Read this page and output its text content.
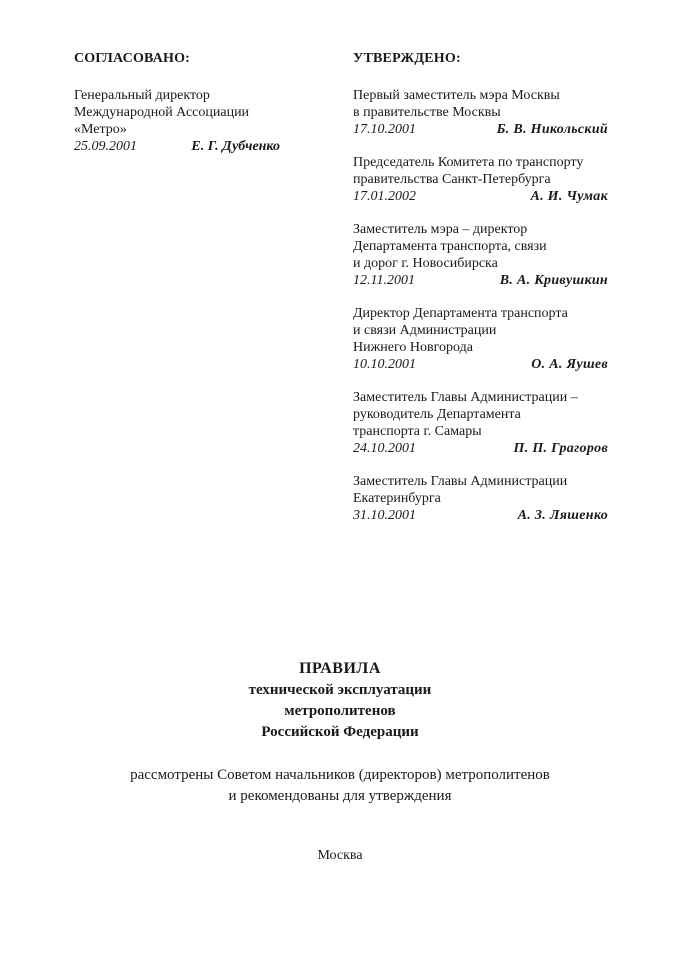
СОГЛАСОВАНО:
Генеральный директор
Международной Ассоциации
«Метро»
25.09.2001	Е. Г. Дубченко
УТВЕРЖДЕНО:
Первый заместитель мэра Москвы
в правительстве Москвы
17.10.2001	Б. В. Никольский
Председатель Комитета по транспорту
правительства Санкт-Петербурга
17.01.2002	А. И. Чумак
Заместитель мэра – директор
Департамента транспорта, связи
и дорог г. Новосибирска
12.11.2001	В. А. Кривушкин
Директор Департамента транспорта
и связи Администрации
Нижнего Новгорода
10.10.2001	О. А. Яушев
Заместитель Главы Администрации –
руководитель Департамента
транспорта г. Самары
24.10.2001	П. П. Грагоров
Заместитель Главы Администрации
Екатеринбурга
31.10.2001	А. З. Ляшенко
ПРАВИЛА
технической эксплуатации
метрополитенов
Российской Федерации
рассмотрены Советом начальников (директоров) метрополитенов
и рекомендованы для утверждения
Москва
